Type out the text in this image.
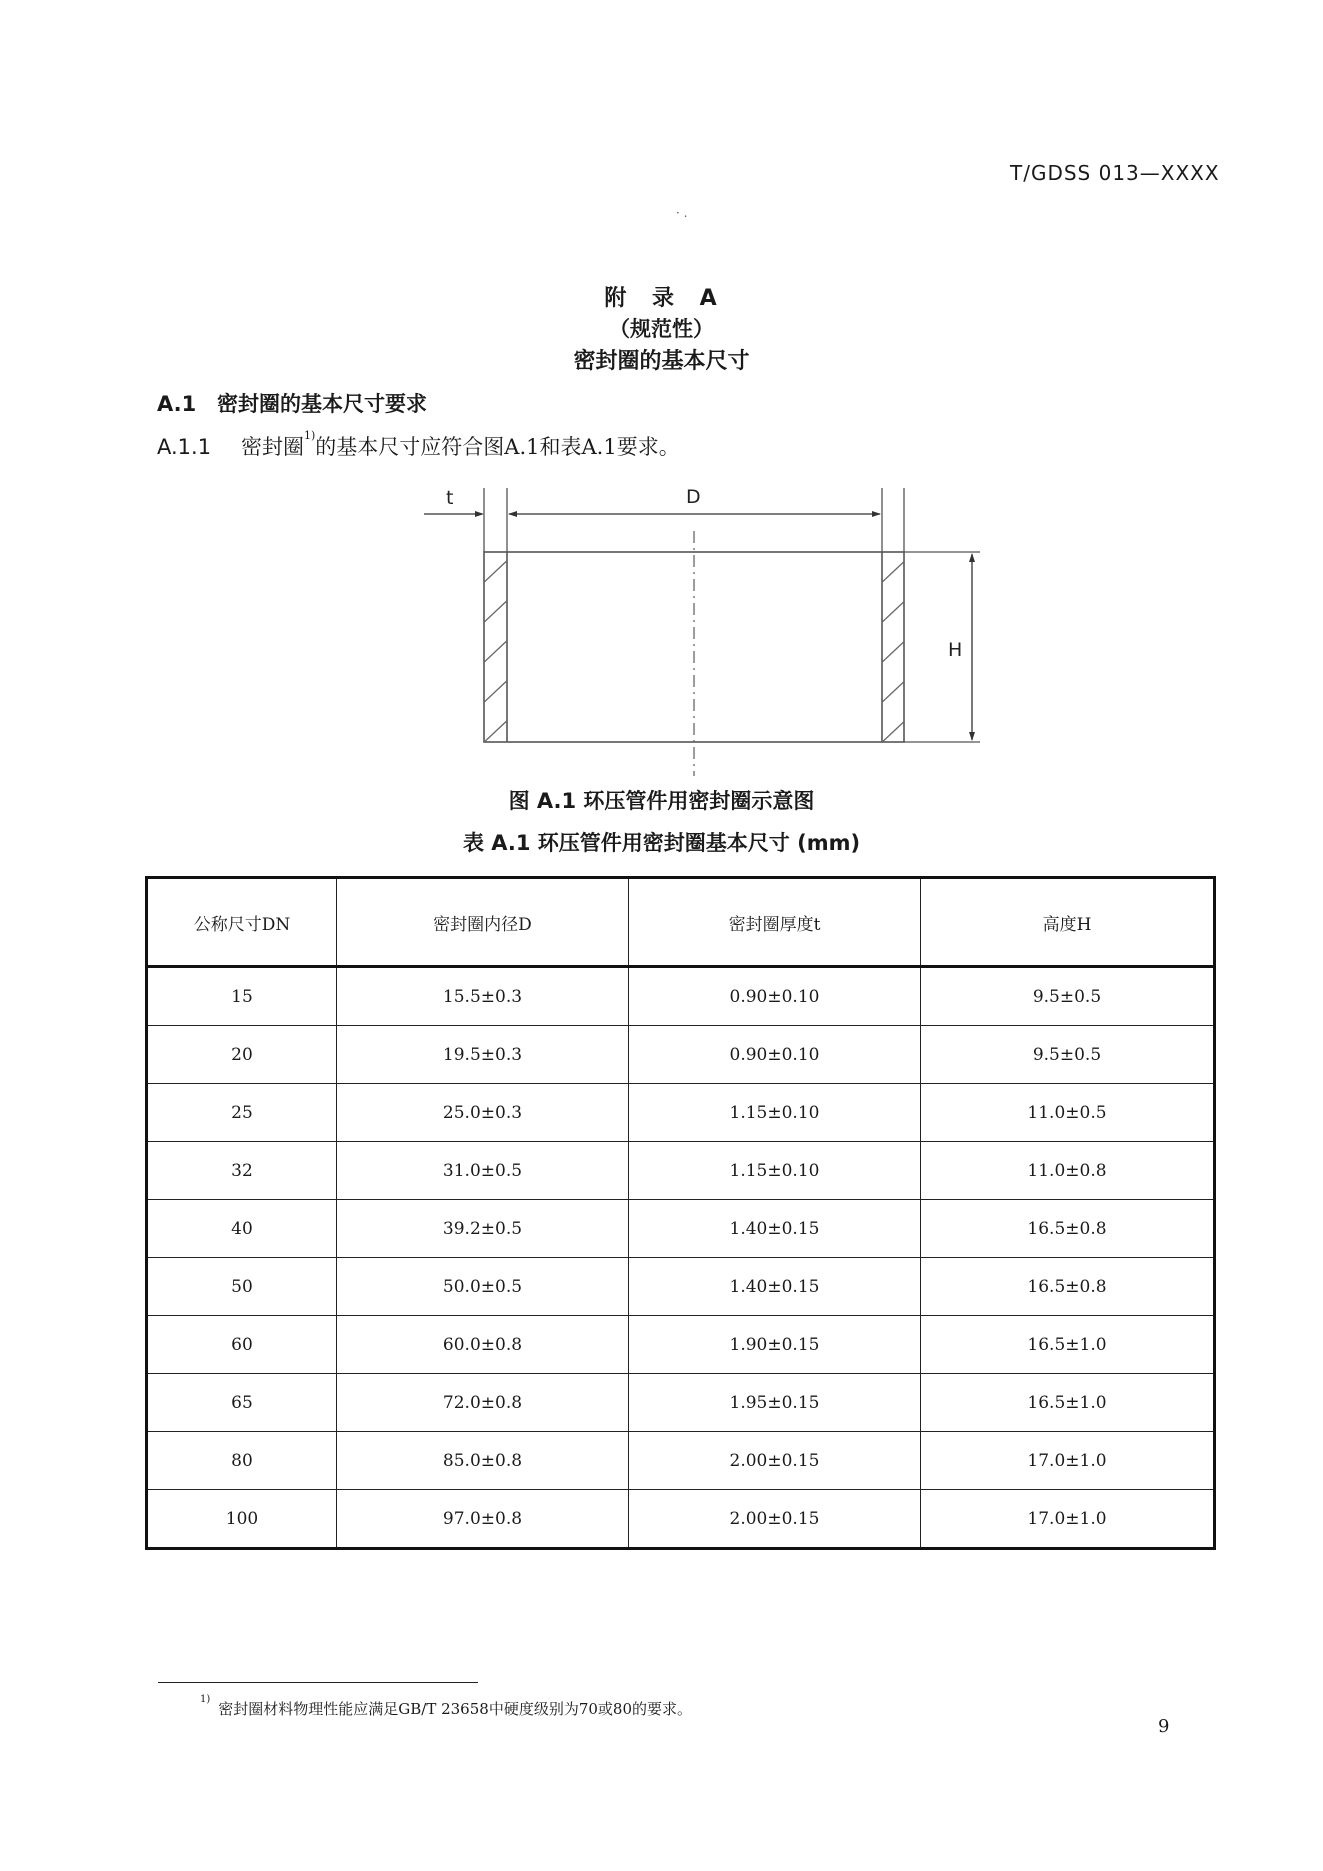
T/GDSS 013—XXXX
· .
附 录 A
（规范性）
密封圈的基本尺寸
A.1 密封圈的基本尺寸要求
A.1.1 密封圈$^{1)}$的基本尺寸应符合图A.1和表A.1要求。
t	D
H
图 A.1 环压管件用密封圈示意图
表 A.1 环压管件用密封圈基本尺寸 (mm)
公称尺寸DN	密封圈内径D	密封圈厚度t	高度H
15	15.5±0.3	0.90±0.10	9.5±0.5
20	19.5±0.3	0.90±0.10	9.5±0.5
25	25.0±0.3	1.15±0.10	11.0±0.5
32	31.0±0.5	1.15±0.10	11.0±0.8
40	39.2±0.5	1.40±0.15	16.5±0.8
50	50.0±0.5	1.40±0.15	16.5±0.8
60	60.0±0.8	1.90±0.15	16.5±1.0
65	72.0±0.8	1.95±0.15	16.5±1.0
80	85.0±0.8	2.00±0.15	17.0±1.0
100	97.0±0.8	2.00±0.15	17.0±1.0
$^{1)}$密封圈材料物理性能应满足GB/T 23658中硬度级别为70或80的要求。
9
